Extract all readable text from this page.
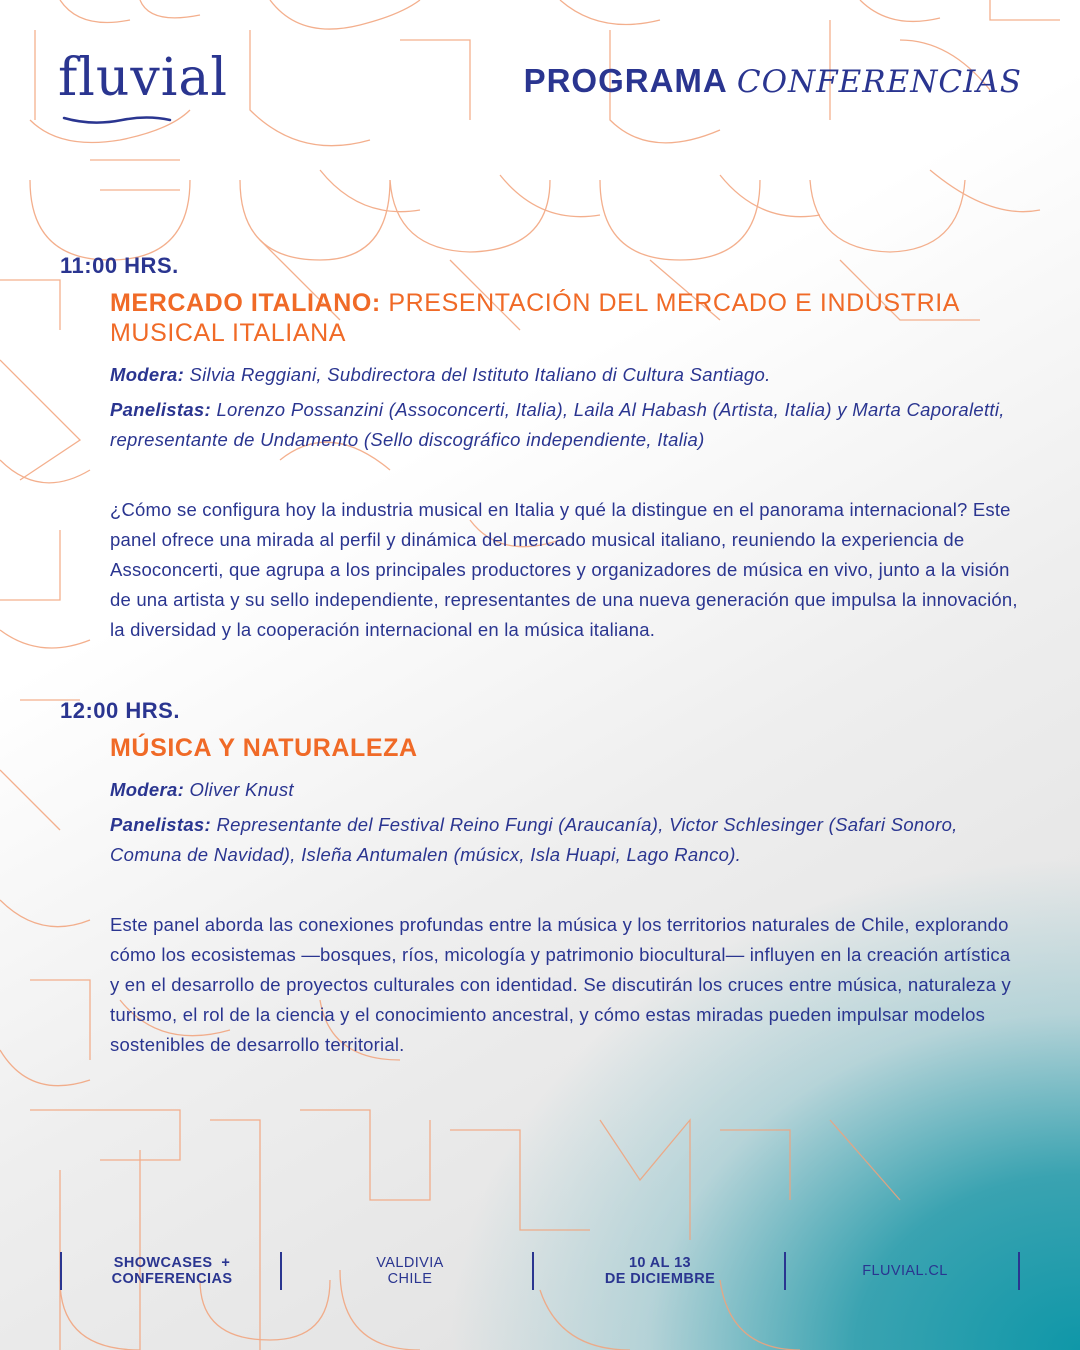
fluvial	PROGRAMA CONFERENCIAS
11:00 HRS.
MERCADO ITALIANO: PRESENTACIÓN DEL MERCADO E INDUSTRIA MUSICAL ITALIANA
Modera: Silvia Reggiani, Subdirectora del Istituto Italiano di Cultura Santiago.
Panelistas: Lorenzo Possanzini (Assoconcerti, Italia), Laila Al Habash (Artista, Italia) y Marta Caporaletti, representante de Undamento (Sello discográfico independiente, Italia)
¿Cómo se configura hoy la industria musical en Italia y qué la distingue en el panorama internacional? Este panel ofrece una mirada al perfil y dinámica del mercado musical italiano, reuniendo la experiencia de Assoconcerti, que agrupa a los principales productores y organizadores de música en vivo, junto a la visión de una artista y su sello independiente, representantes de una nueva generación que impulsa la innovación, la diversidad y la cooperación internacional en la música italiana.
12:00 HRS.
MÚSICA Y NATURALEZA
Modera: Oliver Knust
Panelistas: Representante del Festival Reino Fungi (Araucanía), Victor Schlesinger (Safari Sonoro, Comuna de Navidad), Isleña Antumalen (músicx, Isla Huapi, Lago Ranco).
Este panel aborda las conexiones profundas entre la música y los territorios naturales de Chile, explorando cómo los ecosistemas —bosques, ríos, micología y patrimonio biocultural— influyen en la creación artística y en el desarrollo de proyectos culturales con identidad. Se discutirán los cruces entre música, naturaleza y turismo, el rol de la ciencia y el conocimiento ancestral, y cómo estas miradas pueden impulsar modelos sostenibles de desarrollo territorial.
SHOWCASES  +
CONFERENCIAS
VALDIVIA
CHILE
10 AL 13
DE DICIEMBRE	FLUVIAL.CL
